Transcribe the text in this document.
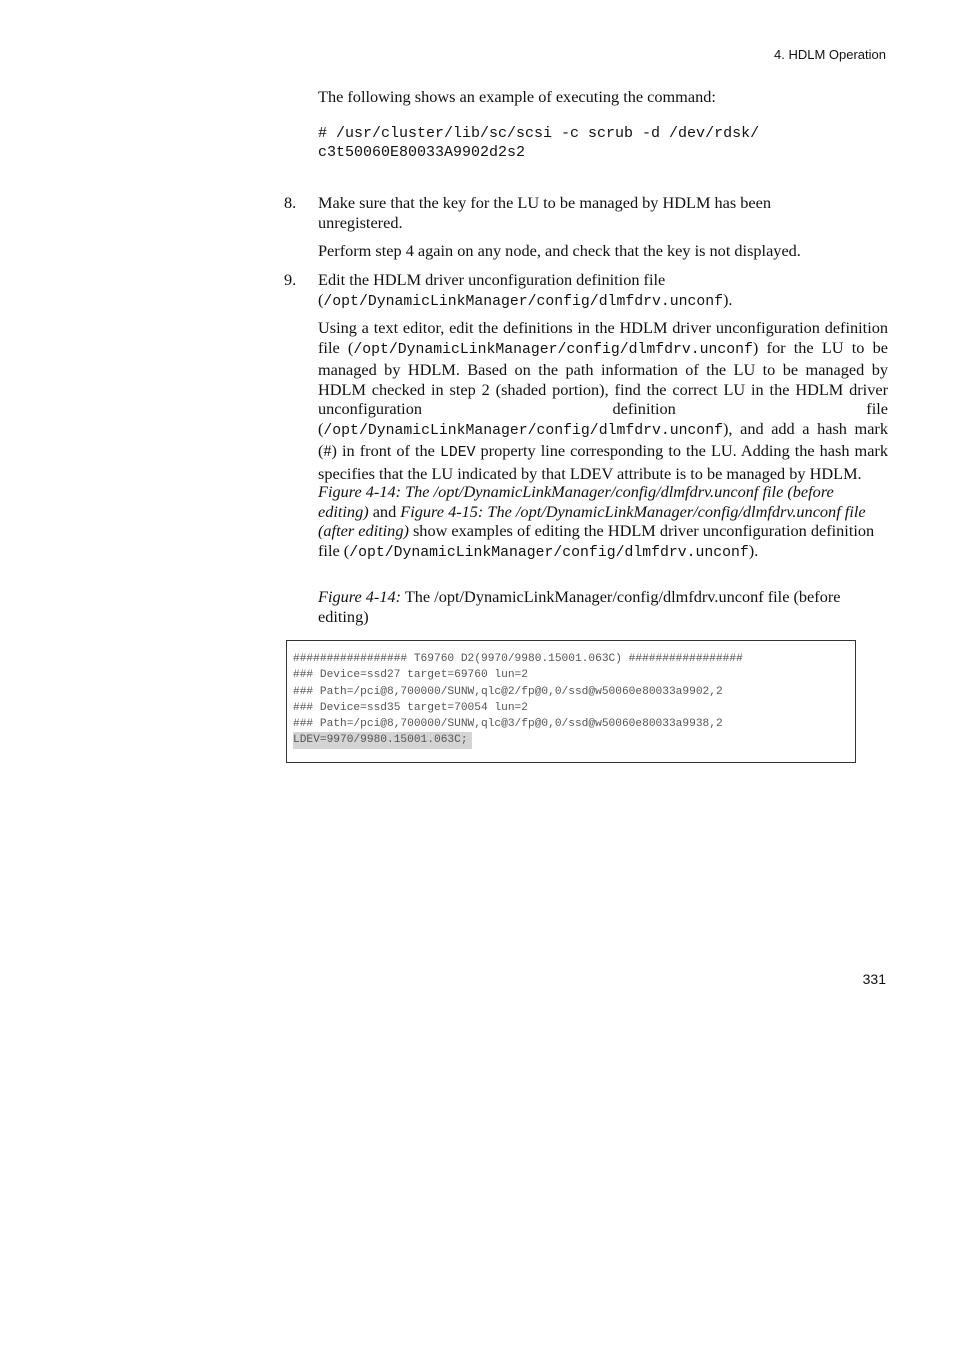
4. HDLM Operation
The following shows an example of executing the command:
# /usr/cluster/lib/sc/scsi -c scrub -d /dev/rdsk/
c3t50060E80033A9902d2s2
8. Make sure that the key for the LU to be managed by HDLM has been unregistered.
Perform step 4 again on any node, and check that the key is not displayed.
9. Edit the HDLM driver unconfiguration definition file (/opt/DynamicLinkManager/config/dlmfdrv.unconf).
Using a text editor, edit the definitions in the HDLM driver unconfiguration definition file (/opt/DynamicLinkManager/config/dlmfdrv.unconf) for the LU to be managed by HDLM. Based on the path information of the LU to be managed by HDLM checked in step 2 (shaded portion), find the correct LU in the HDLM driver unconfiguration definition file (/opt/DynamicLinkManager/config/dlmfdrv.unconf), and add a hash mark (#) in front of the LDEV property line corresponding to the LU. Adding the hash mark specifies that the LU indicated by that LDEV attribute is to be managed by HDLM.
Figure 4-14: The /opt/DynamicLinkManager/config/dlmfdrv.unconf file (before editing) and Figure 4-15: The /opt/DynamicLinkManager/config/dlmfdrv.unconf file (after editing) show examples of editing the HDLM driver unconfiguration definition file (/opt/DynamicLinkManager/config/dlmfdrv.unconf).
Figure 4-14: The /opt/DynamicLinkManager/config/dlmfdrv.unconf file (before editing)
################# T69760 D2(9970/9980.15001.063C) #################
### Device=ssd27 target=69760 lun=2
### Path=/pci@8,700000/SUNW,qlc@2/fp@0,0/ssd@w50060e80033a9902,2
### Device=ssd35 target=70054 lun=2
### Path=/pci@8,700000/SUNW,qlc@3/fp@0,0/ssd@w50060e80033a9938,2
LDEV=9970/9980.15001.063C;
331
